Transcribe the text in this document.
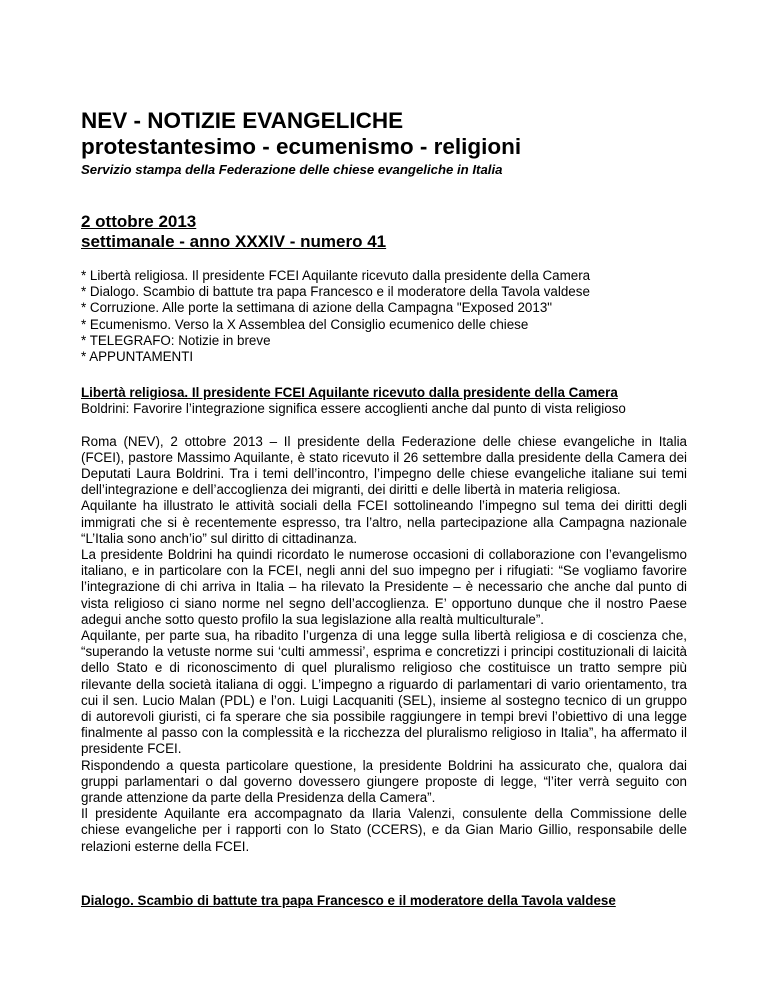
NEV - NOTIZIE EVANGELICHE
protestantesimo - ecumenismo - religioni
Servizio stampa della Federazione delle chiese evangeliche in Italia
2 ottobre 2013
settimanale - anno XXXIV - numero 41
* Libertà religiosa. Il presidente FCEI Aquilante ricevuto dalla presidente della Camera
* Dialogo. Scambio di battute tra papa Francesco e il moderatore della Tavola valdese
* Corruzione. Alle porte la settimana di azione della Campagna "Exposed 2013"
* Ecumenismo. Verso la X Assemblea del Consiglio ecumenico delle chiese
* TELEGRAFO: Notizie in breve
* APPUNTAMENTI
Libertà religiosa. Il presidente FCEI Aquilante ricevuto dalla presidente della Camera
Boldrini: Favorire l’integrazione significa essere accoglienti anche dal punto di vista religioso

Roma (NEV), 2 ottobre 2013 – Il presidente della Federazione delle chiese evangeliche in Italia (FCEI), pastore Massimo Aquilante, è stato ricevuto il 26 settembre dalla presidente della Camera dei Deputati Laura Boldrini. Tra i temi dell’incontro, l’impegno delle chiese evangeliche italiane sui temi dell’integrazione e dell’accoglienza dei migranti, dei diritti e delle libertà in materia religiosa.

Aquilante ha illustrato le attività sociali della FCEI sottolineando l’impegno sul tema dei diritti degli immigrati che si è recentemente espresso, tra l’altro, nella partecipazione alla Campagna nazionale “L’Italia sono anch’io” sul diritto di cittadinanza.

La presidente Boldrini ha quindi ricordato le numerose occasioni di collaborazione con l’evangelismo italiano, e in particolare con la FCEI, negli anni del suo impegno per i rifugiati: “Se vogliamo favorire l’integrazione di chi arriva in Italia – ha rilevato la Presidente – è necessario che anche dal punto di vista religioso ci siano norme nel segno dell’accoglienza. E’ opportuno dunque che il nostro Paese adegui anche sotto questo profilo la sua legislazione alla realtà multiculturale”.

Aquilante, per parte sua, ha ribadito l’urgenza di una legge sulla libertà religiosa e di coscienza che, “superando la vetuste norme sui ‘culti ammessi’, esprima e concretizzi i principi costituzionali di laicità dello Stato e di riconoscimento di quel pluralismo religioso che costituisce un tratto sempre più rilevante della società italiana di oggi. L’impegno a riguardo di parlamentari di vario orientamento, tra cui il sen. Lucio Malan (PDL) e l’on. Luigi Lacquaniti (SEL), insieme al sostegno tecnico di un gruppo di autorevoli giuristi, ci fa sperare che sia possibile raggiungere in tempi brevi l’obiettivo di una legge finalmente al passo con la complessità e la ricchezza del pluralismo religioso in Italia”, ha affermato il presidente FCEI.

Rispondendo a questa particolare questione, la presidente Boldrini ha assicurato che, qualora dai gruppi parlamentari o dal governo dovessero giungere proposte di legge, “l’iter verrà seguito con grande attenzione da parte della Presidenza della Camera”.

Il presidente Aquilante era accompagnato da Ilaria Valenzi, consulente della Commissione delle chiese evangeliche per i rapporti con lo Stato (CCERS), e da Gian Mario Gillio, responsabile delle relazioni esterne della FCEI.

Dialogo. Scambio di battute tra papa Francesco e il moderatore della Tavola valdese
